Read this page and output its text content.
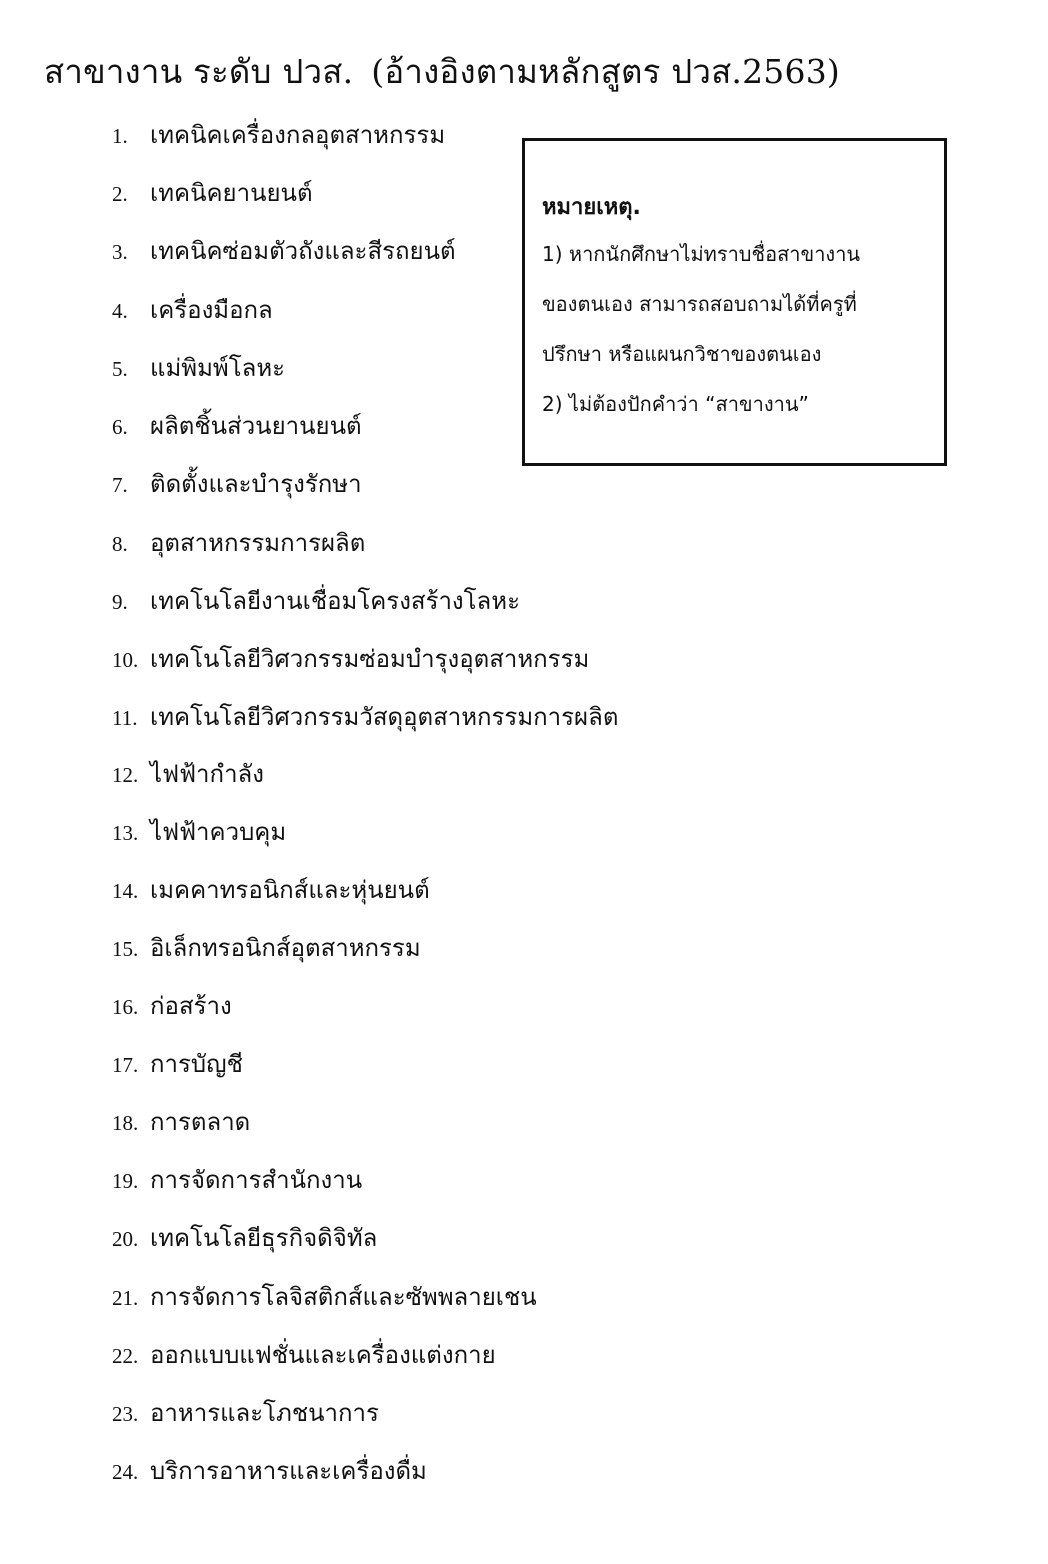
สาขางาน ระดับ ปวส. (อ้างอิงตามหลักสูตร ปวส.2563)
1. เทคนิคเครื่องกลอุตสาหกรรม
2. เทคนิคยานยนต์
3. เทคนิคซ่อมตัวถังและสีรถยนต์
4. เครื่องมือกล
5. แม่พิมพ์โลหะ
6. ผลิตชิ้นส่วนยานยนต์
7. ติดตั้งและบำรุงรักษา
8. อุตสาหกรรมการผลิต
9. เทคโนโลยีงานเชื่อมโครงสร้างโลหะ
10. เทคโนโลยีวิศวกรรมซ่อมบำรุงอุตสาหกรรม
11. เทคโนโลยีวิศวกรรมวัสดุอุตสาหกรรมการผลิต
12. ไฟฟ้ากำลัง
13. ไฟฟ้าควบคุม
14. เมคคาทรอนิกส์และหุ่นยนต์
15. อิเล็กทรอนิกส์อุตสาหกรรม
16. ก่อสร้าง
17. การบัญชี
18. การตลาด
19. การจัดการสำนักงาน
20. เทคโนโลยีธุรกิจดิจิทัล
21. การจัดการโลจิสติกส์และซัพพลายเชน
22. ออกแบบแฟชั่นและเครื่องแต่งกาย
23. อาหารและโภชนาการ
24. บริการอาหารและเครื่องดื่ม
หมายเหตุ.
1) หากนักศึกษาไม่ทราบชื่อสาขางาน
ของตนเอง สามารถสอบถามได้ที่ครูที่
ปรึกษา หรือแผนกวิชาของตนเอง
2) ไม่ต้องปักคำว่า “สาขางาน”
